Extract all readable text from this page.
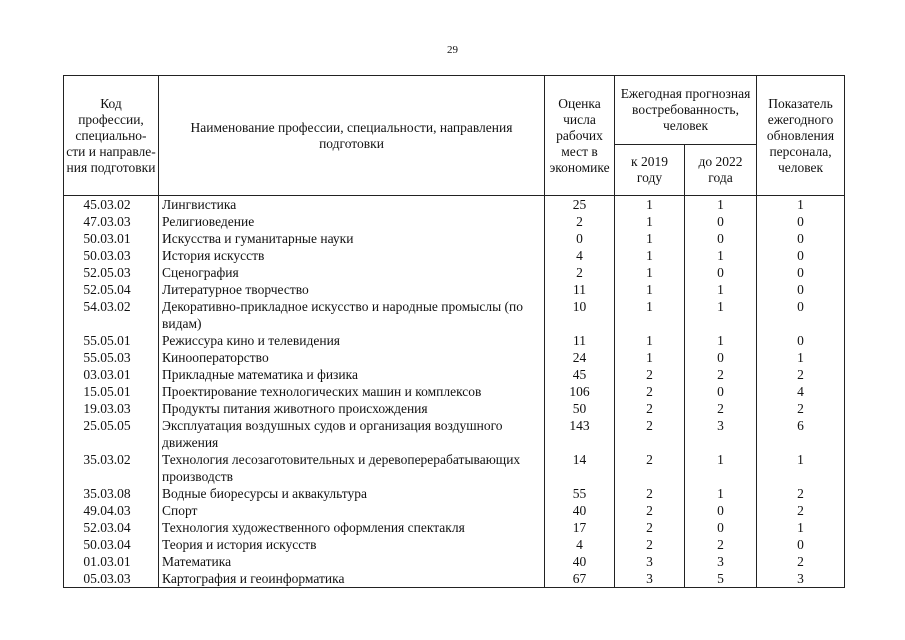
29
Код профессии, специально-сти и направле-ния подготовки	Наименование профессии, специальности, направления подготовки	Оценка числа рабочих мест в экономике	Ежегодная прогнозная востребованность, человек		Показатель ежегодного обновления персонала, человек
			к 2019 году	до 2022 года	
45.03.02	Лингвистика	25	1	1	1
47.03.03	Религиоведение	2	1	0	0
50.03.01	Искусства и гуманитарные науки	0	1	0	0
50.03.03	История искусств	4	1	1	0
52.05.03	Сценография	2	1	0	0
52.05.04	Литературное творчество	11	1	1	0
54.03.02	Декоративно-прикладное искусство и народные промыслы (по видам)	10	1	1	0
55.05.01	Режиссура кино и телевидения	11	1	1	0
55.05.03	Кинооператорство	24	1	0	1
03.03.01	Прикладные математика и физика	45	2	2	2
15.05.01	Проектирование технологических машин и комплексов	106	2	0	4
19.03.03	Продукты питания животного происхождения	50	2	2	2
25.05.05	Эксплуатация воздушных судов и организация воздушного движения	143	2	3	6
35.03.02	Технология лесозаготовительных и деревоперерабатывающих производств	14	2	1	1
35.03.08	Водные биоресурсы и аквакультура	55	2	1	2
49.04.03	Спорт	40	2	0	2
52.03.04	Технология художественного оформления спектакля	17	2	0	1
50.03.04	Теория и история искусств	4	2	2	0
01.03.01	Математика	40	3	3	2
05.03.03	Картография и геоинформатика	67	3	5	3
